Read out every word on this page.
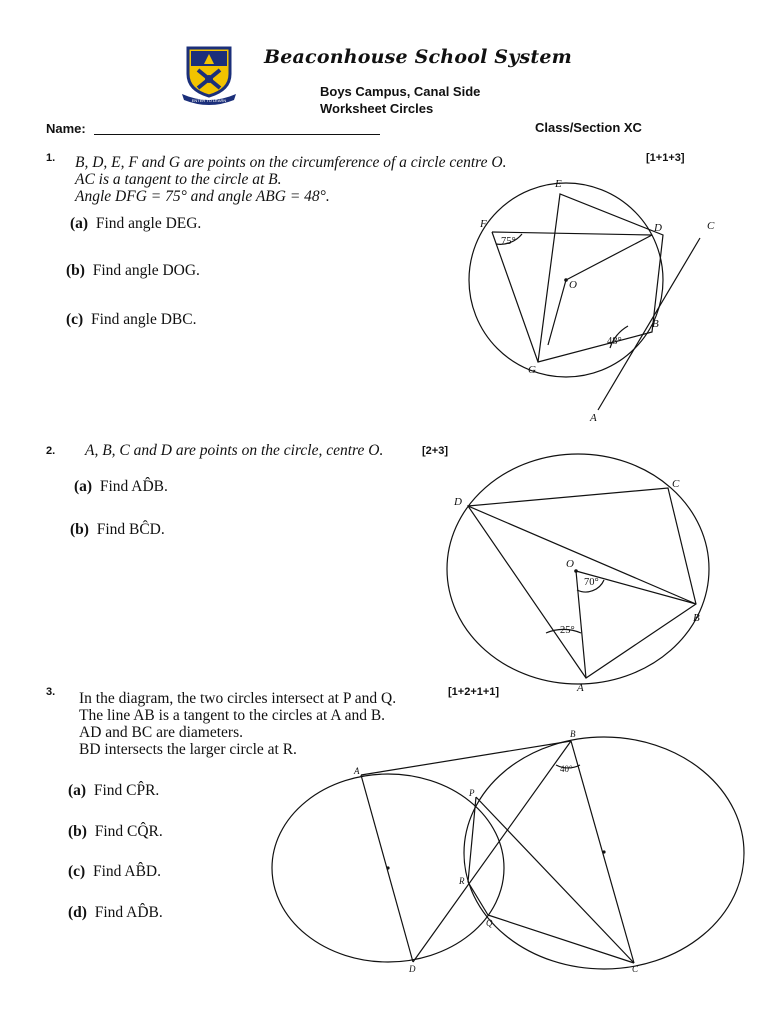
ENTER TO LEARN
Beaconhouse School System
Boys Campus, Canal Side
Worksheet Circles
Name:	Class/Section XC
1.	[1+1+3]
B, D, E, F and G are points on the circumference of a circle centre O.
AC is a tangent to the circle at B.
Angle DFG = 75° and angle ABG = 48°.
(a) Find angle DEG.
(b) Find angle DOG.
(c) Find angle DBC.
E
F	D	C
O
B
G
A
75°
48°
2. A, B, C and D are points on the circle, centre O.	[2+3]
(a) Find AD̂B.
(b) Find BĈD.
C
D
O
B
A
70°
25°
3.	[1+2+1+1]
In the diagram, the two circles intersect at P and Q.
The line AB is a tangent to the circles at A and B.
AD and BC are diameters.
BD intersects the larger circle at R.
(a) Find CP̂R.
(b) Find CQ̂R.
(c) Find AB̂D.
(d) Find AD̂B.
A
B
P
R
Q
D	C
40°
